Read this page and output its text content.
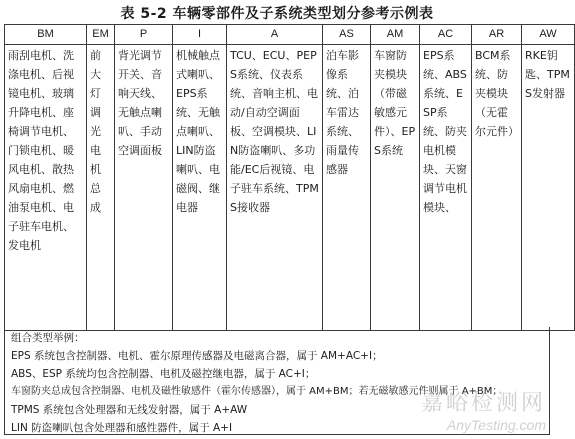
表 5-2 车辆零部件及子系统类型划分参考示例表
BM	EM	P	I	A	AS	AM	AC	AR	AW
雨刮电机、洗涤电机、后视镜电机、玻璃升降电机、座椅调节电机、门锁电机、暖风电机、散热风扇电机、燃油泵电机、电子驻车电机、发电机	前大灯调光电机总成	背光调节开关、音响天线、无触点喇叭、手动空调面板	机械触点式喇叭、EPS系统、无触点喇叭、LIN防盗喇叭、电磁阀、继电器	TCU、ECU、PEPS系统、仪表系统、音响主机、电动/自动空调面板、空调模块、LIN防盗喇叭、多功能/EC后视镜、电子驻车系统、TPMS接收器	泊车影像系统、泊车雷达系统、雨量传感器	车窗防夹模块（带磁敏感元件）、EPS系统	EPS系统、ABS系统、ESP系统、防夹电机模块、天窗调节电机模块、	BCM系统、防夹模块（无霍尔元件）	RKE钥匙、TPMS发射器
组合类型举例：
EPS 系统包含控制器、电机、霍尔原理传感器及电磁离合器，属于 AM+AC+I；
ABS、ESP 系统均包含控制器、电机及磁控继电器，属于 AC+I；
车窗防夹总成包含控制器、电机及磁性敏感件（霍尔传感器），属于 AM+BM；若无磁敏感元件则属于 A+BM；
TPMS 系统包含处理器和无线发射器，属于 A+AW
LIN 防盗喇叭包含处理器和感性器件，属于 A+I
嘉峪检测网
AnyTesting.com
